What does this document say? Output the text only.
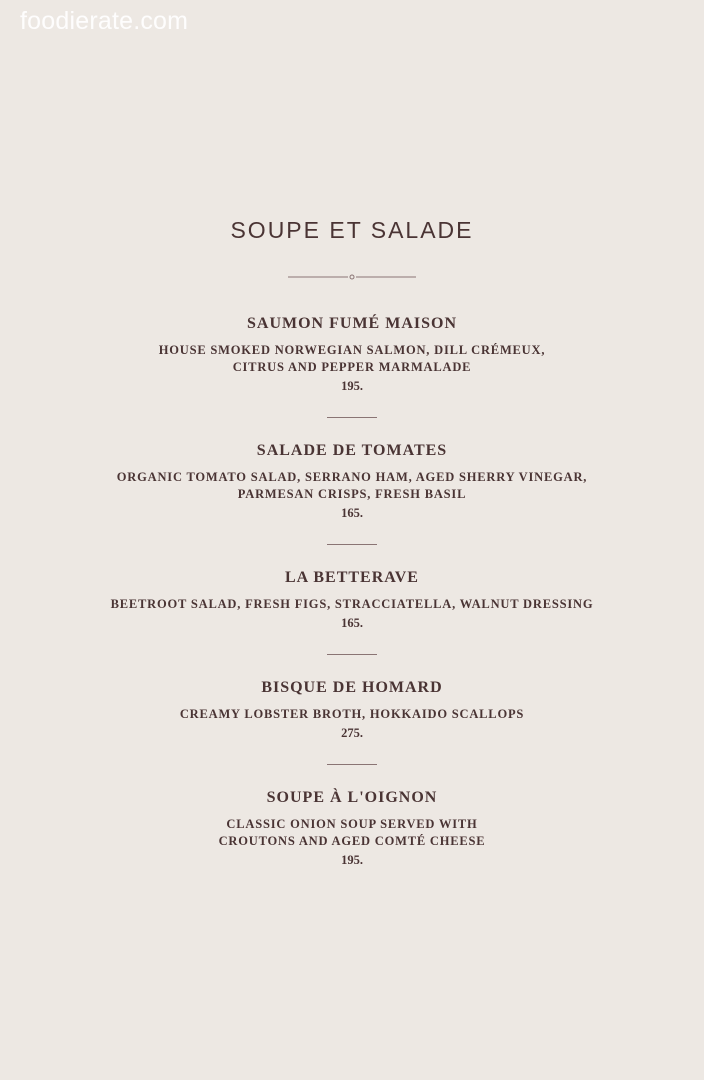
foodierate.com
SOUPE ET SALADE
SAUMON FUMÉ MAISON
HOUSE SMOKED NORWEGIAN SALMON, DILL CRÉMEUX,
CITRUS AND PEPPER MARMALADE
195.
SALADE DE TOMATES
ORGANIC TOMATO SALAD, SERRANO HAM, AGED SHERRY VINEGAR,
PARMESAN CRISPS, FRESH BASIL
165.
LA BETTERAVE
BEETROOT SALAD, FRESH FIGS, STRACCIATELLA, WALNUT DRESSING
165.
BISQUE DE HOMARD
CREAMY LOBSTER BROTH, HOKKAIDO SCALLOPS
275.
SOUPE À L'OIGNON
CLASSIC ONION SOUP SERVED WITH
CROUTONS AND AGED COMTÉ CHEESE
195.
